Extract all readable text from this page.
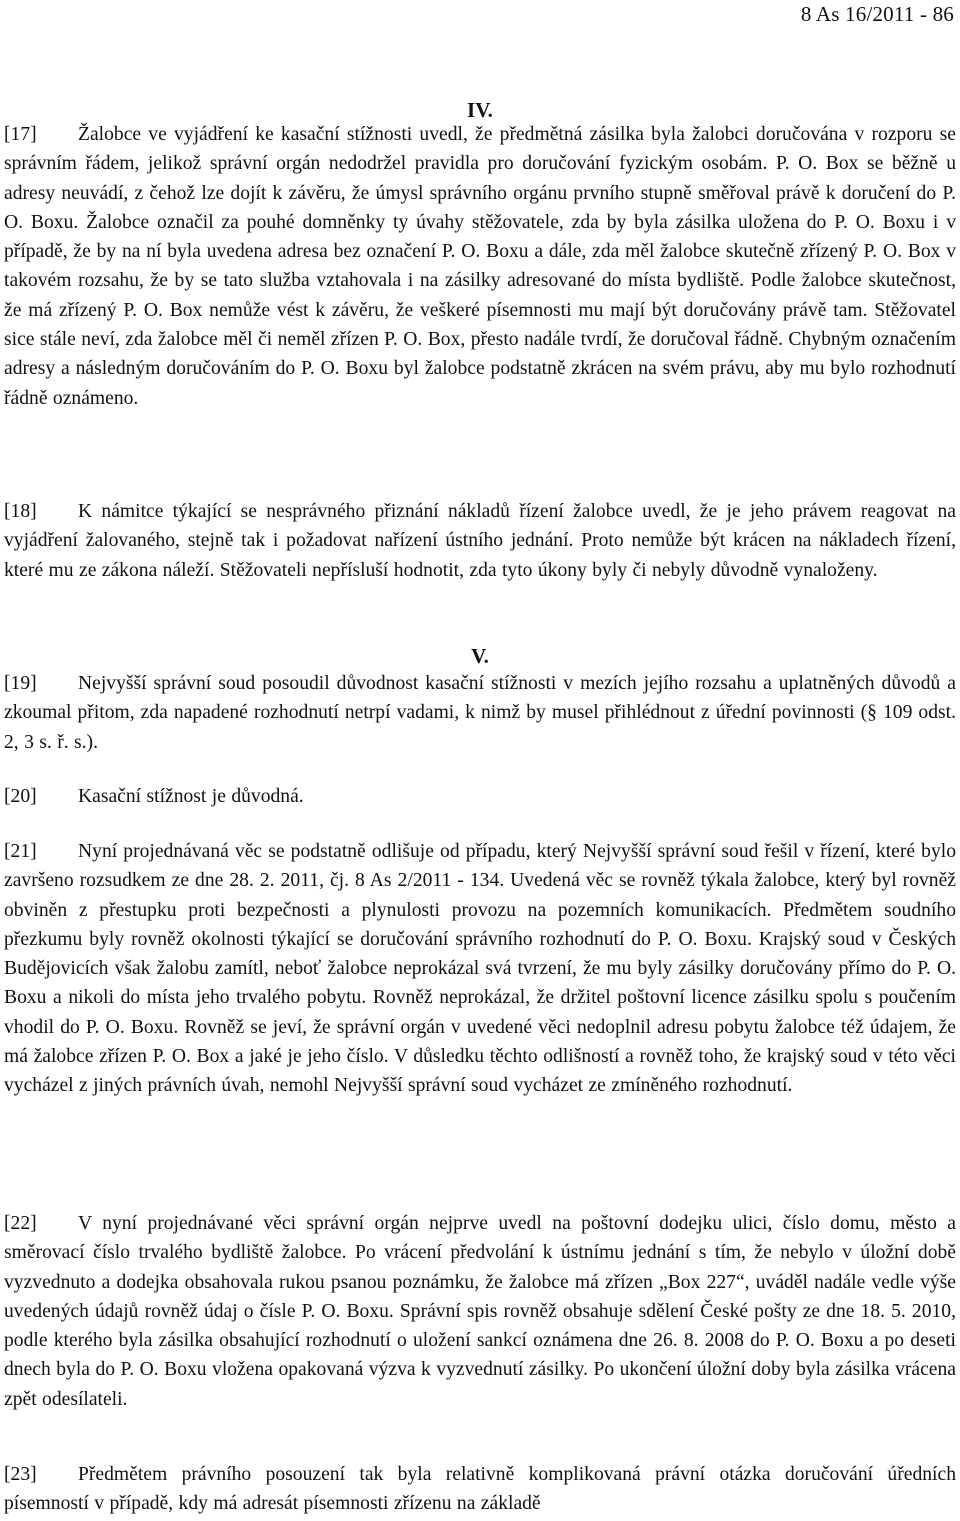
8 As 16/2011 - 86
IV.

[17] Žalobce ve vyjádření ke kasační stížnosti uvedl, že předmětná zásilka byla žalobci doručována v rozporu se správním řádem, jelikož správní orgán nedodržel pravidla pro doručování fyzickým osobám. P. O. Box se běžně u adresy neuvádí, z čehož lze dojít k závěru, že úmysl správního orgánu prvního stupně směřoval právě k doručení do P. O. Boxu. Žalobce označil za pouhé domněnky ty úvahy stěžovatele, zda by byla zásilka uložena do P. O. Boxu i v případě, že by na ní byla uvedena adresa bez označení P. O. Boxu a dále, zda měl žalobce skutečně zřízený P. O. Box v takovém rozsahu, že by se tato služba vztahovala i na zásilky adresované do místa bydliště. Podle žalobce skutečnost, že má zřízený P. O. Box nemůže vést k závěru, že veškeré písemnosti mu mají být doručovány právě tam. Stěžovatel sice stále neví, zda žalobce měl či neměl zřízen P. O. Box, přesto nadále tvrdí, že doručoval řádně. Chybným označením adresy a následným doručováním do P. O. Boxu byl žalobce podstatně zkrácen na svém právu, aby mu bylo rozhodnutí řádně oznámeno.

[18] K námitce týkající se nesprávného přiznání nákladů řízení žalobce uvedl, že je jeho právem reagovat na vyjádření žalovaného, stejně tak i požadovat nařízení ústního jednání. Proto nemůže být krácen na nákladech řízení, které mu ze zákona náleží. Stěžovateli nepřísluší hodnotit, zda tyto úkony byly či nebyly důvodně vynaloženy.

V.

[19] Nejvyšší správní soud posoudil důvodnost kasační stížnosti v mezích jejího rozsahu a uplatněných důvodů a zkoumal přitom, zda napadené rozhodnutí netrpí vadami, k nimž by musel přihlédnout z úřední povinnosti (§ 109 odst. 2, 3 s. ř. s.).

[20] Kasační stížnost je důvodná.

[21] Nyní projednávaná věc se podstatně odlišuje od případu, který Nejvyšší správní soud řešil v řízení, které bylo završeno rozsudkem ze dne 28. 2. 2011, čj. 8 As 2/2011 - 134. Uvedená věc se rovněž týkala žalobce, který byl rovněž obviněn z přestupku proti bezpečnosti a plynulosti provozu na pozemních komunikacích. Předmětem soudního přezkumu byly rovněž okolnosti týkající se doručování správního rozhodnutí do P. O. Boxu. Krajský soud v Českých Budějovicích však žalobu zamítl, neboť žalobce neprokázal svá tvrzení, že mu byly zásilky doručovány přímo do P. O. Boxu a nikoli do místa jeho trvalého pobytu. Rovněž neprokázal, že držitel poštovní licence zásilku spolu s poučením vhodil do P. O. Boxu. Rovněž se jeví, že správní orgán v uvedené věci nedoplnil adresu pobytu žalobce též údajem, že má žalobce zřízen P. O. Box a jaké je jeho číslo. V důsledku těchto odlišností a rovněž toho, že krajský soud v této věci vycházel z jiných právních úvah, nemohl Nejvyšší správní soud vycházet ze zmíněného rozhodnutí.

[22] V nyní projednávané věci správní orgán nejprve uvedl na poštovní dodejku ulici, číslo domu, město a směrovací číslo trvalého bydliště žalobce. Po vrácení předvolání k ústnímu jednání s tím, že nebylo v úložní době vyzvednuto a dodejka obsahovala rukou psanou poznámku, že žalobce má zřízen „Box 227“, uváděl nadále vedle výše uvedených údajů rovněž údaj o čísle P. O. Boxu. Správní spis rovněž obsahuje sdělení České pošty ze dne 18. 5. 2010, podle kterého byla zásilka obsahující rozhodnutí o uložení sankcí oznámena dne 26. 8. 2008 do P. O. Boxu a po deseti dnech byla do P. O. Boxu vložena opakovaná výzva k vyzvednutí zásilky. Po ukončení úložní doby byla zásilka vrácena zpět odesílateli.

[23] Předmětem právního posouzení tak byla relativně komplikovaná právní otázka doručování úředních písemností v případě, kdy má adresát písemnosti zřízenu na základě
